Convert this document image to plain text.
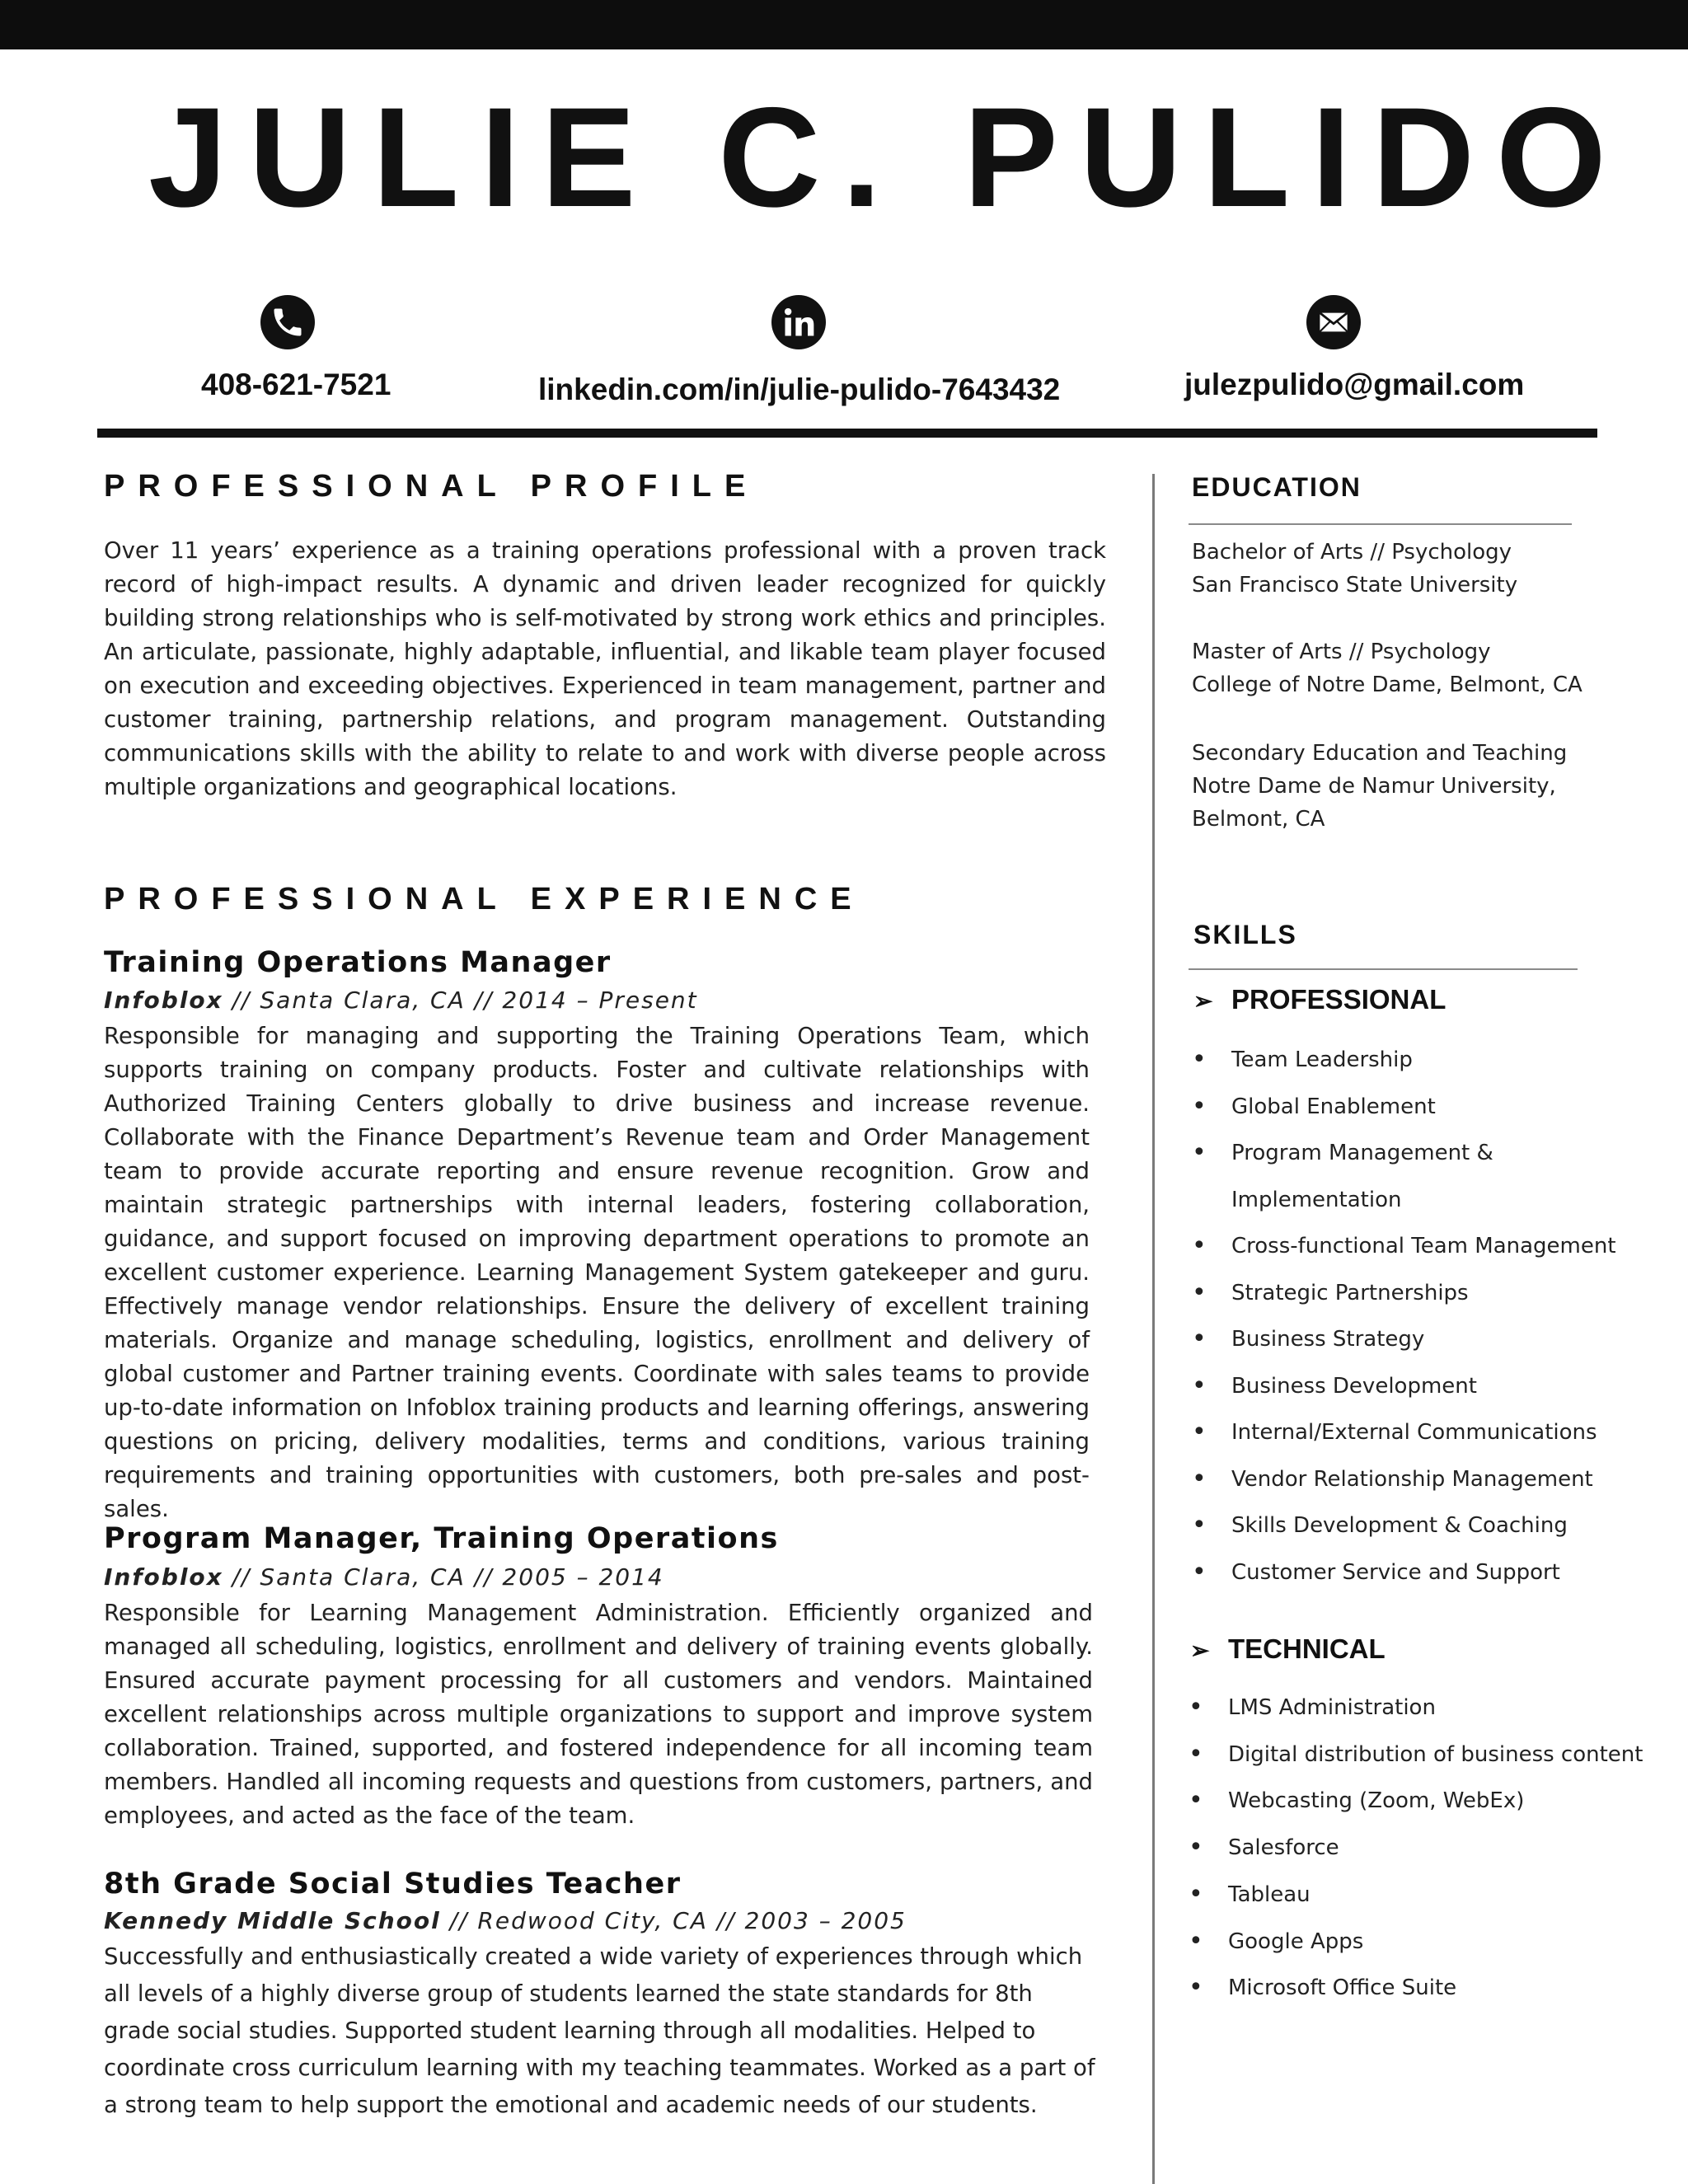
JULIE C. PULIDO
408-621-7521	linkedin.com/in/julie-pulido-7643432	julezpulido@gmail.com
PROFESSIONAL PROFILE
Over 11 years’ experience as a training operations professional with a proven track record of high-impact results. A dynamic and driven leader recognized for quickly building strong relationships who is self-motivated by strong work ethics and principles. An articulate, passionate, highly adaptable, influential, and likable team player focused on execution and exceeding objectives. Experienced in team management, partner and customer training, partnership relations, and program management. Outstanding communications skills with the ability to relate to and work with diverse people across multiple organizations and geographical locations.
PROFESSIONAL EXPERIENCE
Training Operations Manager
Infoblox // Santa Clara, CA // 2014 – Present
Responsible for managing and supporting the Training Operations Team, which supports training on company products. Foster and cultivate relationships with Authorized Training Centers globally to drive business and increase revenue. Collaborate with the Finance Department’s Revenue team and Order Management team to provide accurate reporting and ensure revenue recognition. Grow and maintain strategic partnerships with internal leaders, fostering collaboration, guidance, and support focused on improving department operations to promote an excellent customer experience. Learning Management System gatekeeper and guru. Effectively manage vendor relationships. Ensure the delivery of excellent training materials. Organize and manage scheduling, logistics, enrollment and delivery of global customer and Partner training events. Coordinate with sales teams to provide up-to-date information on Infoblox training products and learning offerings, answering questions on pricing, delivery modalities, terms and conditions, various training requirements and training opportunities with customers, both pre-sales and post-sales.
Program Manager, Training Operations
Infoblox // Santa Clara, CA // 2005 – 2014
Responsible for Learning Management Administration. Efficiently organized and managed all scheduling, logistics, enrollment and delivery of training events globally. Ensured accurate payment processing for all customers and vendors. Maintained excellent relationships across multiple organizations to support and improve system collaboration. Trained, supported, and fostered independence for all incoming team members. Handled all incoming requests and questions from customers, partners, and employees, and acted as the face of the team.
8th Grade Social Studies Teacher
Kennedy Middle School // Redwood City, CA // 2003 – 2005
Successfully and enthusiastically created a wide variety of experiences through which all levels of a highly diverse group of students learned the state standards for 8th grade social studies. Supported student learning through all modalities. Helped to coordinate cross curriculum learning with my teaching teammates. Worked as a part of a strong team to help support the emotional and academic needs of our students.
EDUCATION
Bachelor of Arts // Psychology
San Francisco State University
Master of Arts // Psychology
College of Notre Dame, Belmont, CA
Secondary Education and Teaching
Notre Dame de Namur University,
Belmont, CA
SKILLS
➢ PROFESSIONAL
• Team Leadership
• Global Enablement
• Program Management &
Implementation
• Cross-functional Team Management
• Strategic Partnerships
• Business Strategy
• Business Development
• Internal/External Communications
• Vendor Relationship Management
• Skills Development & Coaching
• Customer Service and Support
➢ TECHNICAL
• LMS Administration
• Digital distribution of business content
• Webcasting (Zoom, WebEx)
• Salesforce
• Tableau
• Google Apps
• Microsoft Office Suite
